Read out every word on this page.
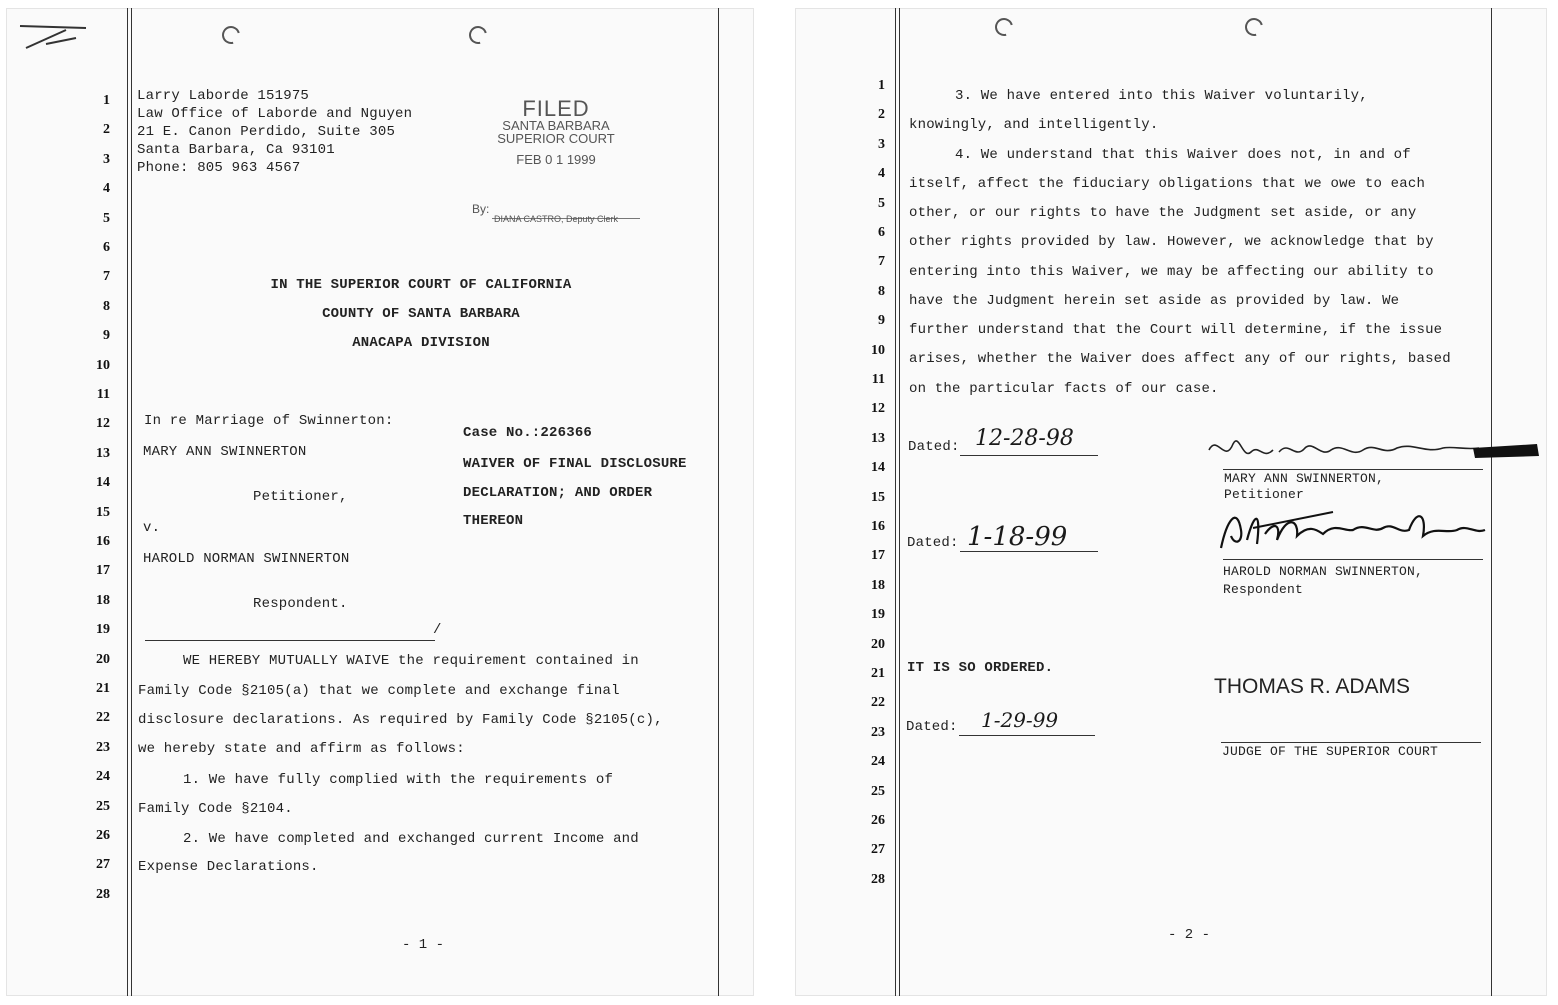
1
2
3
4
5
6
7
8
9
10
11
12
13
14
15
16
17
18
19
20
21
22
23
24
25
26
27
28
Larry Laborde 151975
Law Office of Laborde and Nguyen
21 E. Canon Perdido, Suite 305
Santa Barbara, Ca 93101
Phone: 805 963 4567
FILED
SANTA BARBARA
SUPERIOR COURT
FEB 0 1 1999
By:
DIANA CASTRO, Deputy Clerk
IN THE SUPERIOR COURT OF CALIFORNIA
COUNTY OF SANTA BARBARA
ANACAPA DIVISION
In re Marriage of Swinnerton:
MARY ANN SWINNERTON
Petitioner,
v.
HAROLD NORMAN SWINNERTON
Respondent.
/
Case No.:226366
WAIVER OF FINAL DISCLOSURE
DECLARATION; AND ORDER
THEREON
WE HEREBY MUTUALLY WAIVE the requirement contained in
Family Code §2105(a) that we complete and exchange final
disclosure declarations. As required by Family Code §2105(c),
we hereby state and affirm as follows:
1. We have fully complied with the requirements of
Family Code §2104.
2. We have completed and exchanged current Income and
Expense Declarations.
- 1 -
1
2
3
4
5
6
7
8
9
10
11
12
13
14
15
16
17
18
19
20
21
22
23
24
25
26
27
28
3. We have entered into this Waiver voluntarily,
knowingly, and intelligently.
4. We understand that this Waiver does not, in and of
itself, affect the fiduciary obligations that we owe to each
other, or our rights to have the Judgment set aside, or any
other rights provided by law. However, we acknowledge that by
entering into this Waiver, we may be affecting our ability to
have the Judgment herein set aside as provided by law. We
further understand that the Court will determine, if the issue
arises, whether the Waiver does affect any of our rights, based
on the particular facts of our case.
Dated: 12-28-98
MARY ANN SWINNERTON,
Petitioner
Dated: 1-18-99
HAROLD NORMAN SWINNERTON,
Respondent
IT IS SO ORDERED.
THOMAS R. ADAMS
JUDGE OF THE SUPERIOR COURT
Dated: 1-29-99
- 2 -
